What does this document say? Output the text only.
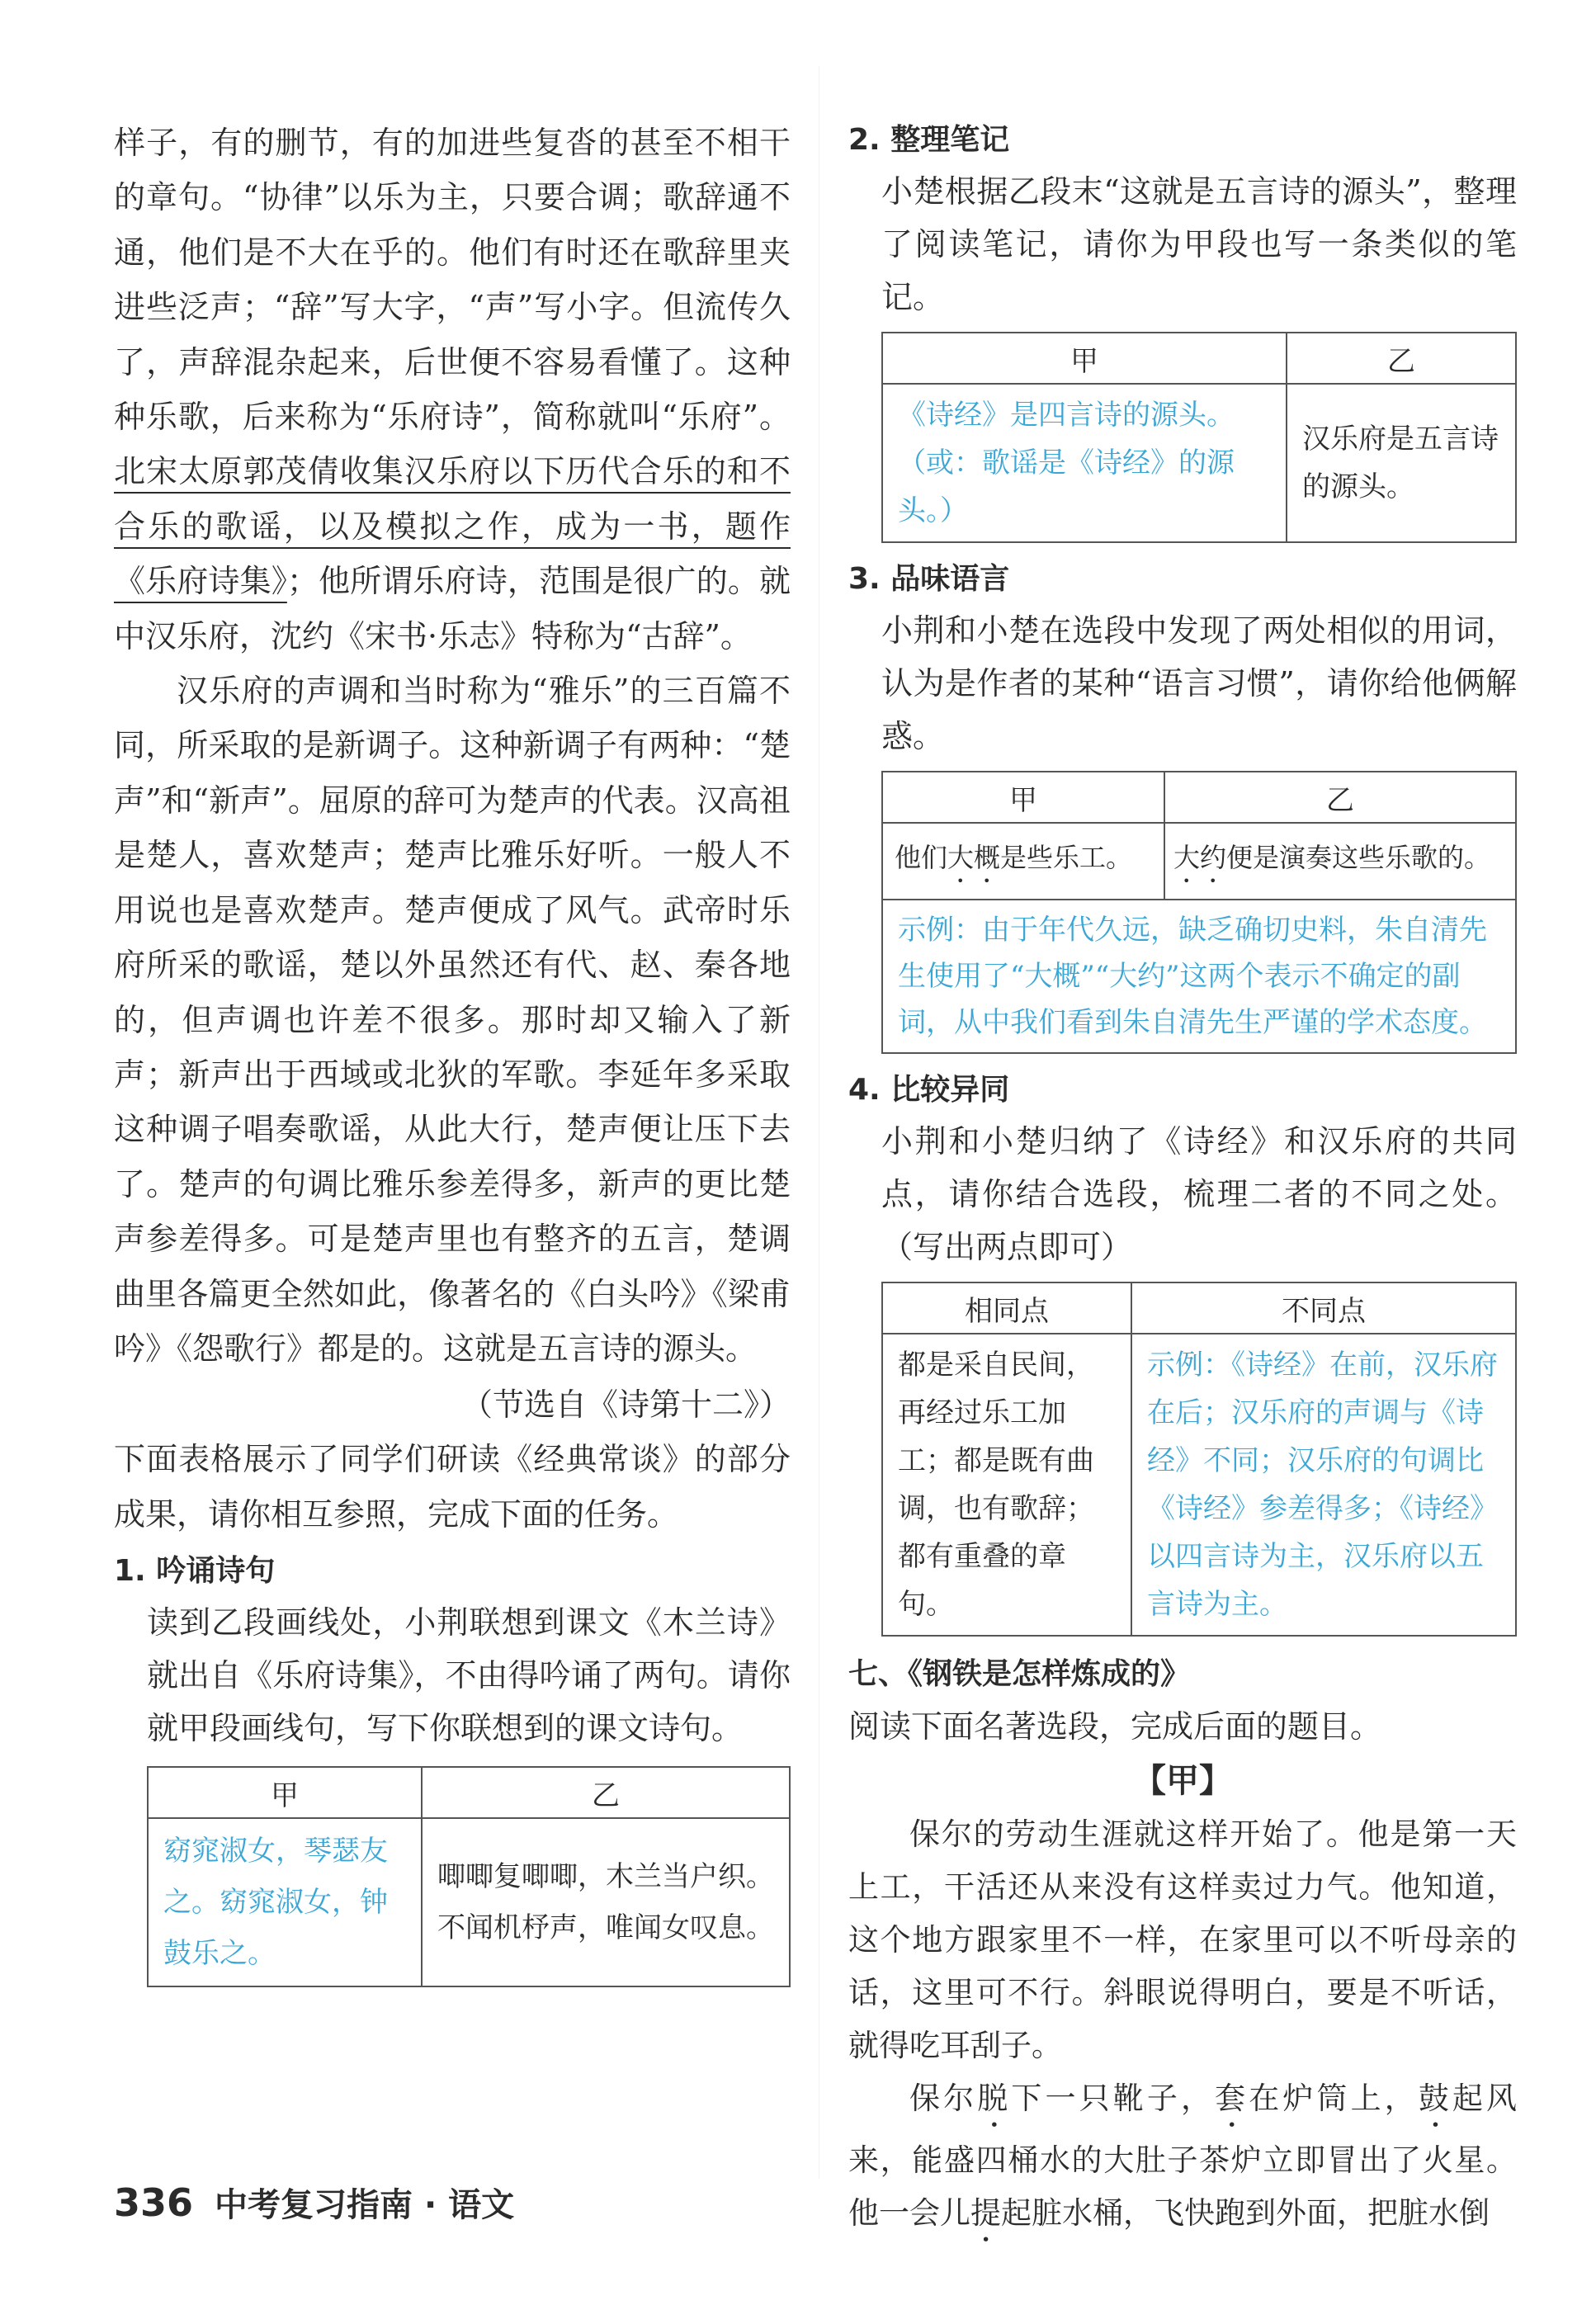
样子，有的删节，有的加进些复沓的甚至不相干的章句。“协律”以乐为主，只要合调；歌辞通不通，他们是不大在乎的。他们有时还在歌辞里夹进些泛声；“辞”写大字，“声”写小字。但流传久了，声辞混杂起来，后世便不容易看懂了。这种种乐歌，后来称为“乐府诗”，简称就叫“乐府”。北宋太原郭茂倩收集汉乐府以下历代合乐的和不合乐的歌谣，以及模拟之作，成为一书，题作《乐府诗集》；他所谓乐府诗，范围是很广的。就中汉乐府，沈约《宋书·乐志》特称为“古辞”。

汉乐府的声调和当时称为“雅乐”的三百篇不同，所采取的是新调子。这种新调子有两种：“楚声”和“新声”。屈原的辞可为楚声的代表。汉高祖是楚人，喜欢楚声；楚声比雅乐好听。一般人不用说也是喜欢楚声。楚声便成了风气。武帝时乐府所采的歌谣，楚以外虽然还有代、赵、秦各地的，但声调也许差不很多。那时却又输入了新声；新声出于西域或北狄的军歌。李延年多采取这种调子唱奏歌谣，从此大行，楚声便让压下去了。楚声的句调比雅乐参差得多，新声的更比楚声参差得多。可是楚声里也有整齐的五言，楚调曲里各篇更全然如此，像著名的《白头吟》《梁甫吟》《怨歌行》都是的。这就是五言诗的源头。

（节选自《诗第十二》）

下面表格展示了同学们研读《经典常谈》的部分成果，请你相互参照，完成下面的任务。

1. 吟诵诗句

读到乙段画线处，小荆联想到课文《木兰诗》就出自《乐府诗集》，不由得吟诵了两句。请你就甲段画线句，写下你联想到的课文诗句。

甲	乙
窈窕淑女，琴瑟友之。窈窕淑女，钟鼓乐之。	唧唧复唧唧，木兰当户织。不闻机杼声，唯闻女叹息。
2. 整理笔记

小楚根据乙段末“这就是五言诗的源头”，整理了阅读笔记，请你为甲段也写一条类似的笔记。

甲	乙
《诗经》是四言诗的源头。（或：歌谣是《诗经》的源头。）	汉乐府是五言诗的源头。
3. 品味语言

小荆和小楚在选段中发现了两处相似的用词，认为是作者的某种“语言习惯”，请你给他俩解惑。

甲	乙
他们大概是些乐工。	大约便是演奏这些乐歌的。
示例：由于年代久远，缺乏确切史料，朱自清先生使用了“大概”“大约”这两个表示不确定的副词，从中我们看到朱自清先生严谨的学术态度。	
4. 比较异同

小荆和小楚归纳了《诗经》和汉乐府的共同点，请你结合选段，梳理二者的不同之处。（写出两点即可）

相同点	不同点
都是采自民间，再经过乐工加工；都是既有曲调，也有歌辞；都有重叠的章句。	示例：《诗经》在前，汉乐府在后；汉乐府的声调与《诗经》不同；汉乐府的句调比《诗经》参差得多；《诗经》以四言诗为主，汉乐府以五言诗为主。
七、《钢铁是怎样炼成的》

阅读下面名著选段，完成后面的题目。

【甲】

保尔的劳动生涯就这样开始了。他是第一天上工，干活还从来没有这样卖过力气。他知道，这个地方跟家里不一样，在家里可以不听母亲的话，这里可不行。斜眼说得明白，要是不听话，就得吃耳刮子。

保尔脱下一只靴子，套在炉筒上，鼓起风来，能盛四桶水的大肚子茶炉立即冒出了火星。他一会儿提起脏水桶，飞快跑到外面，把脏水倒

336 中考复习指南 · 语文
